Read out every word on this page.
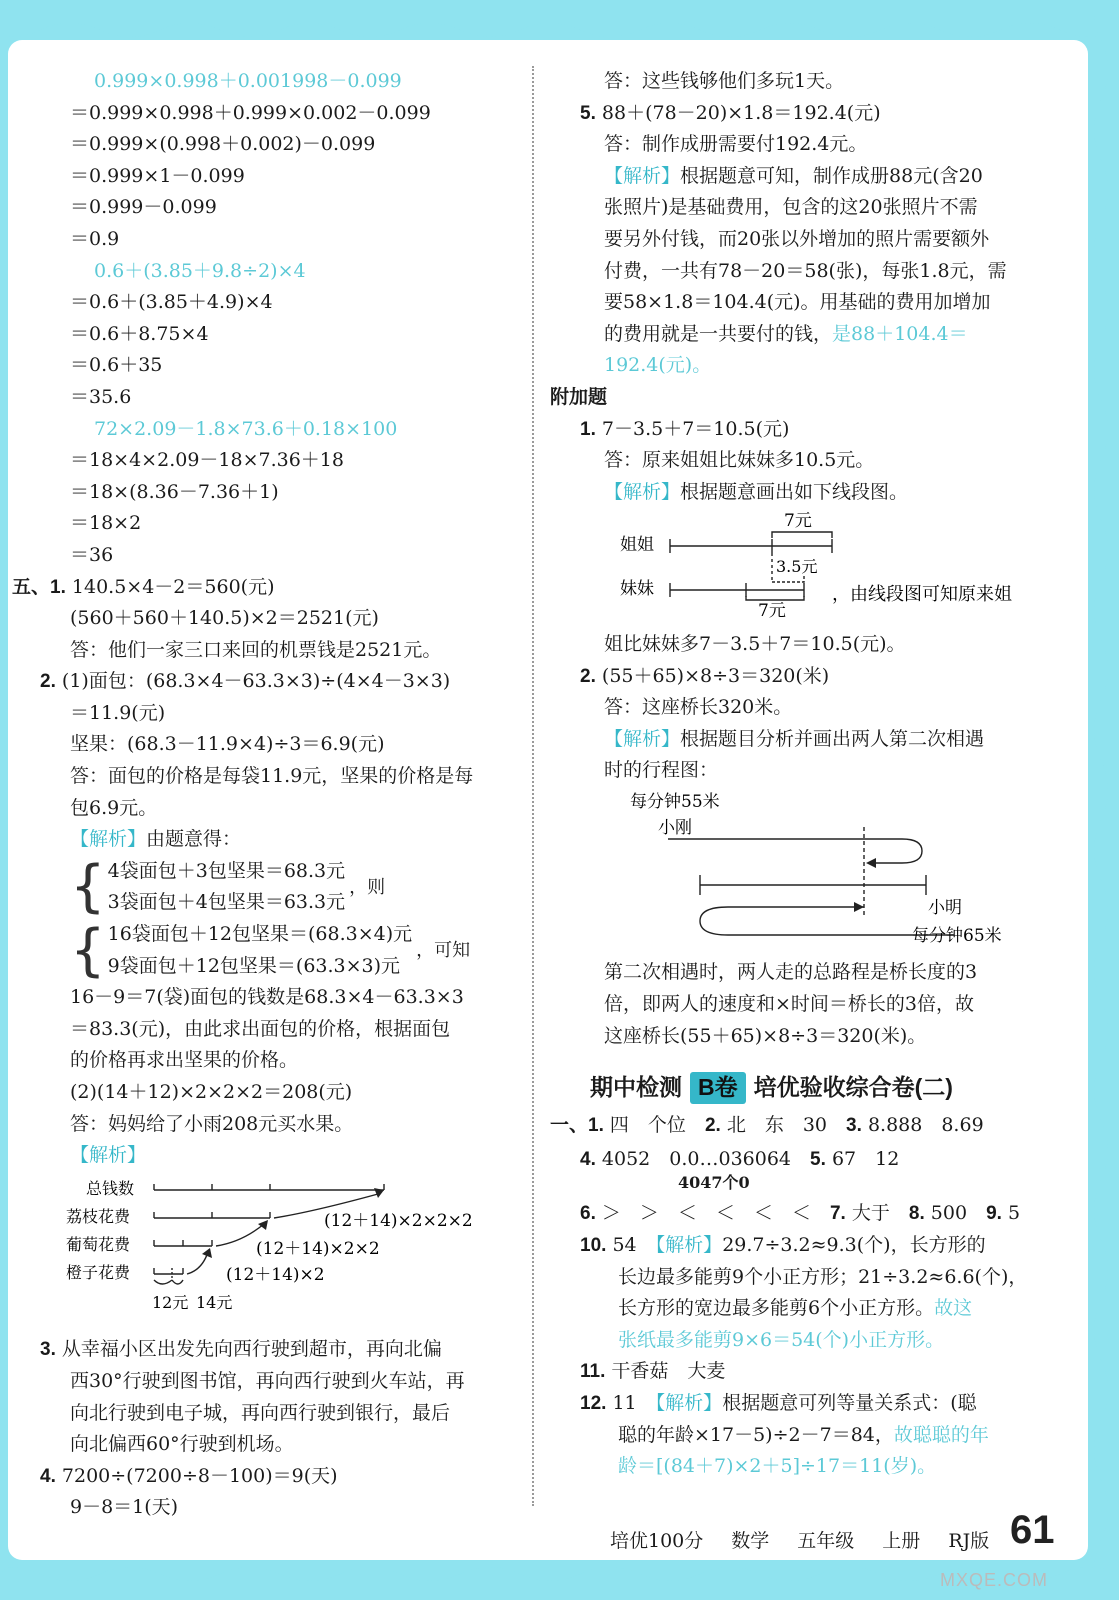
0.999×0.998＋0.001998－0.099
＝0.999×0.998＋0.999×0.002－0.099
＝0.999×(0.998＋0.002)－0.099
＝0.999×1－0.099
＝0.999－0.099
＝0.9
0.6＋(3.85＋9.8÷2)×4
＝0.6＋(3.85＋4.9)×4
＝0.6＋8.75×4
＝0.6＋35
＝35.6
72×2.09－1.8×73.6＋0.18×100
＝18×4×2.09－18×7.36＋18
＝18×(8.36－7.36＋1)
＝18×2
＝36
五、1. 140.5×4－2＝560(元)
(560＋560＋140.5)×2＝2521(元)
答：他们一家三口来回的机票钱是2521元。
2. (1)面包：(68.3×4－63.3×3)÷(4×4－3×3)
＝11.9(元)
坚果：(68.3－11.9×4)÷3＝6.9(元)
答：面包的价格是每袋11.9元，坚果的价格是每
包6.9元。
【解析】由题意得：
{ 4袋面包＋3包坚果＝68.3元
3袋面包＋4包坚果＝63.3元
，则
{ 16袋面包＋12包坚果＝(68.3×4)元
9袋面包＋12包坚果＝(63.3×3)元
，可知
16－9＝7(袋)面包的钱数是68.3×4－63.3×3
＝83.3(元)，由此求出面包的价格，根据面包
的价格再求出坚果的价格。
(2)(14＋12)×2×2×2＝208(元)
答：妈妈给了小雨208元买水果。
【解析】
总钱数
荔枝花费
葡萄花费
橙子花费
(12＋14)×2×2×2
(12＋14)×2×2
(12＋14)×2
12元 14元
3. 从幸福小区出发先向西行驶到超市，再向北偏
西30°行驶到图书馆，再向西行驶到火车站，再
向北行驶到电子城，再向西行驶到银行，最后
向北偏西60°行驶到机场。
4. 7200÷(7200÷8－100)＝9(天)
9－8＝1(天)
答：这些钱够他们多玩1天。
5. 88＋(78－20)×1.8＝192.4(元)
答：制作成册需要付192.4元。
【解析】根据题意可知，制作成册88元(含20
张照片)是基础费用，包含的这20张照片不需
要另外付钱，而20张以外增加的照片需要额外
付费，一共有78－20＝58(张)，每张1.8元，需
要58×1.8＝104.4(元)。用基础的费用加增加
的费用就是一共要付的钱，是88＋104.4＝
192.4(元)。
附加题
1. 7－3.5＋7＝10.5(元)
答：原来姐姐比妹妹多10.5元。
【解析】根据题意画出如下线段图。
姐姐
妹妹
7元
3.5元
7元
，由线段图可知原来姐
姐比妹妹多7－3.5＋7＝10.5(元)。
2. (55＋65)×8÷3＝320(米)
答：这座桥长320米。
【解析】根据题目分析并画出两人第二次相遇
时的行程图：
每分钟55米
小刚
小明
每分钟65米
第二次相遇时，两人走的总路程是桥长度的3
倍，即两人的速度和×时间＝桥长的3倍，故
这座桥长(55＋65)×8÷3＝320(米)。
期中检测 B卷 培优验收综合卷(二)
一、1. 四　个位　 2. 北　东　30　 3. 8.888　8.69
4. 4052　0.0…036064　 5. 67　12
4047个0
6. ＞　＞　＜　＜　＜　＜　 7. 大于　 8. 500　 9. 5
10. 54　 【解析】29.7÷3.2≈9.3(个)，长方形的
长边最多能剪9个小正方形；21÷3.2≈6.6(个)，
长方形的宽边最多能剪6个小正方形。故这
张纸最多能剪9×6＝54(个)小正方形。
11. 干香菇　大麦
12. 11　 【解析】根据题意可列等量关系式：(聪
聪的年龄×17－5)÷2－7＝84，故聪聪的年
龄＝[(84＋7)×2＋5]÷17＝11(岁)。
培优100分 数学 五年级 上册 RJ版 61
MXQE.COM
